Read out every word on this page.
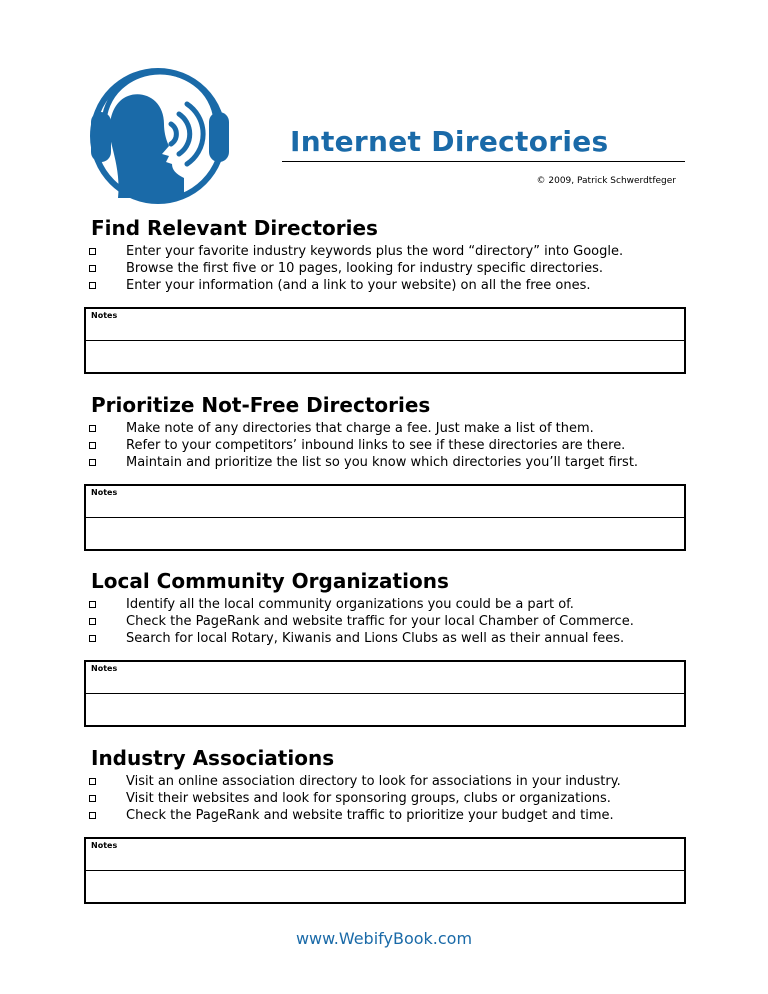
Internet Directories
© 2009, Patrick Schwerdtfeger
Find Relevant Directories
Enter your favorite industry keywords plus the word “directory” into Google.
Browse the first five or 10 pages, looking for industry specific directories.
Enter your information (and a link to your website) on all the free ones.
Notes
Prioritize Not-Free Directories
Make note of any directories that charge a fee. Just make a list of them.
Refer to your competitors’ inbound links to see if these directories are there.
Maintain and prioritize the list so you know which directories you’ll target first.
Notes
Local Community Organizations
Identify all the local community organizations you could be a part of.
Check the PageRank and website traffic for your local Chamber of Commerce.
Search for local Rotary, Kiwanis and Lions Clubs as well as their annual fees.
Notes
Industry Associations
Visit an online association directory to look for associations in your industry.
Visit their websites and look for sponsoring groups, clubs or organizations.
Check the PageRank and website traffic to prioritize your budget and time.
Notes
www.WebifyBook.com
